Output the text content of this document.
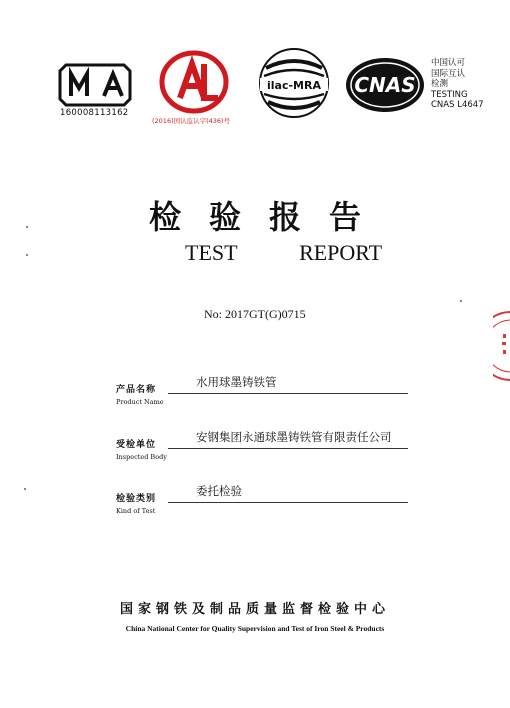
160008113162
(2016)国认监认字(436)号
ilac-MRA CNAS
中国认可
国际互认
检测
TESTING
CNAS L4647
检验报告
TEST	REPORT
No: 2017GT(G)0715
产品名称
Product Name
水用球墨铸铁管
受检单位
Inspected Body
安钢集团永通球墨铸铁管有限责任公司
检验类别
Kind of Test
委托检验
国家钢铁及制品质量监督检验中心
China National Center for Quality Supervision and Test of Iron Steel & Products
